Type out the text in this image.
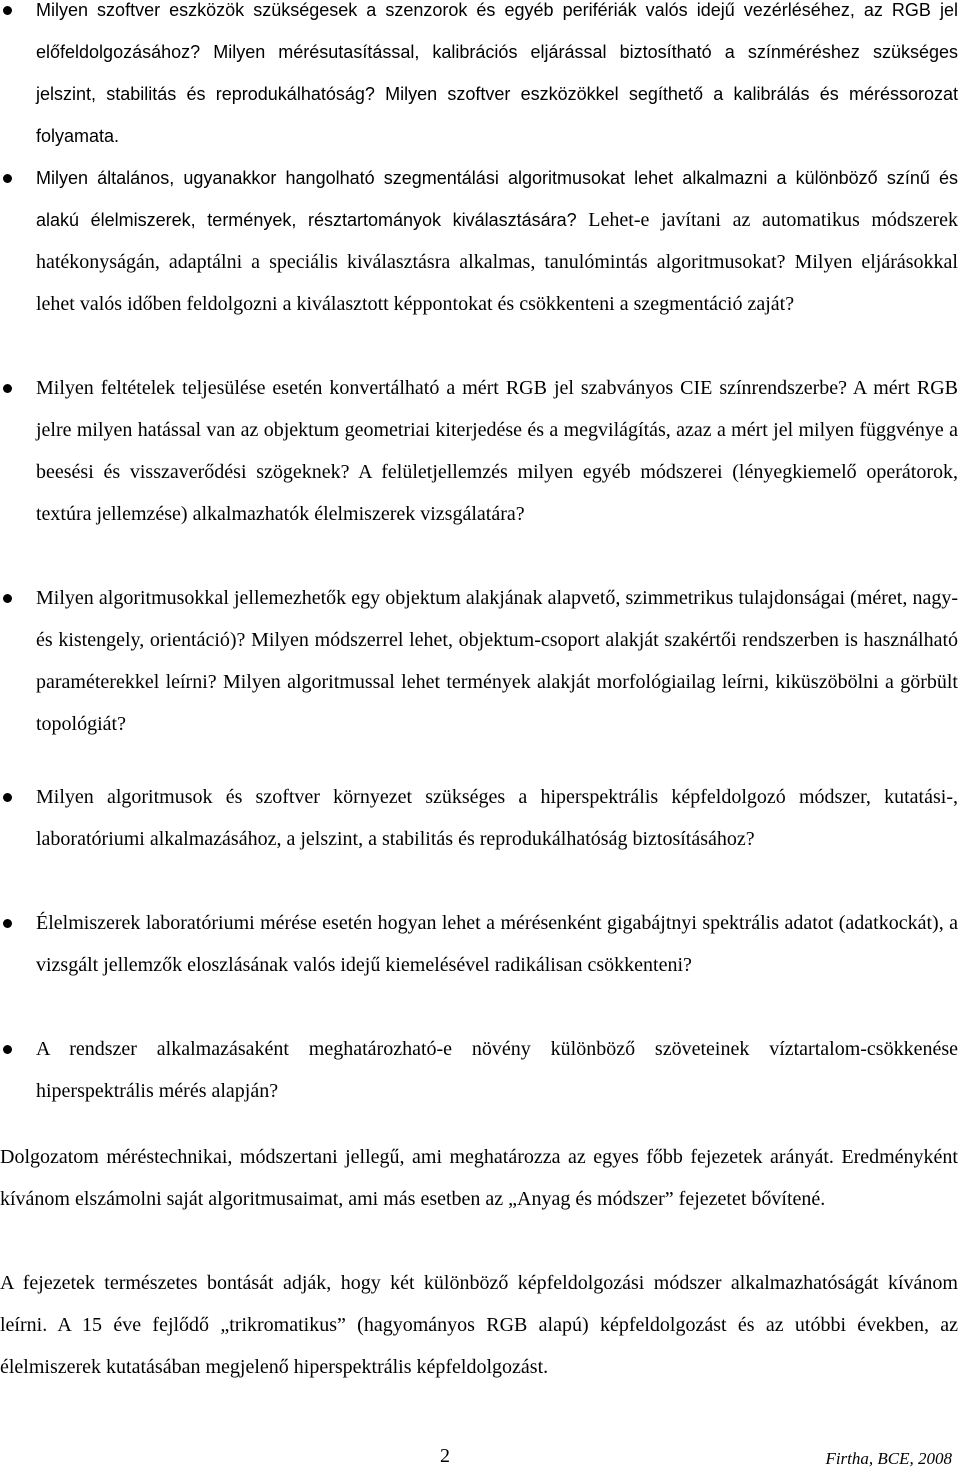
Milyen szoftver eszközök szükségesek a szenzorok és egyéb perifériák valós idejű vezérléséhez, az RGB jel előfeldolgozásához? Milyen mérésutasítással, kalibrációs eljárással biztosítható a színméréshez szükséges jelszint, stabilitás és reprodukálhatóság? Milyen szoftver eszközökkel segíthető a kalibrálás és méréssorozat folyamata.
Milyen általános, ugyanakkor hangolható szegmentálási algoritmusokat lehet alkalmazni a különböző színű és alakú élelmiszerek, termények, résztartományok kiválasztására? Lehet-e javítani az automatikus módszerek hatékonyságán, adaptálni a speciális kiválasztásra alkalmas, tanulómintás algoritmusokat? Milyen eljárásokkal lehet valós időben feldolgozni a kiválasztott képpontokat és csökkenteni a szegmentáció zaját?
Milyen feltételek teljesülése esetén konvertálható a mért RGB jel szabványos CIE színrendszerbe? A mért RGB jelre milyen hatással van az objektum geometriai kiterjedése és a megvilágítás, azaz a mért jel milyen függvénye a beesési és visszaverődési szögeknek? A felületjellemzés milyen egyéb módszerei (lényegkiemelő operátorok, textúra jellemzése) alkalmazhatók élelmiszerek vizsgálatára?
Milyen algoritmusokkal jellemezhetők egy objektum alakjának alapvető, szimmetrikus tulajdonságai (méret, nagy- és kistengely, orientáció)? Milyen módszerrel lehet, objektum-csoport alakját szakértői rendszerben is használható paraméterekkel leírni? Milyen algoritmussal lehet termények alakját morfológiailag leírni, kiküszöbölni a görbült topológiát?
Milyen algoritmusok és szoftver környezet szükséges a hiperspektrális képfeldolgozó módszer, kutatási-, laboratóriumi alkalmazásához, a jelszint, a stabilitás és reprodukálhatóság biztosításához?
Élelmiszerek laboratóriumi mérése esetén hogyan lehet a mérésenként gigabájtnyi spektrális adatot (adatkockát), a vizsgált jellemzők eloszlásának valós idejű kiemelésével radikálisan csökkenteni?
A rendszer alkalmazásaként meghatározható-e növény különböző szöveteinek víztartalom-csökkenése hiperspektrális mérés alapján?

Dolgozatom méréstechnikai, módszertani jellegű, ami meghatározza az egyes főbb fejezetek arányát. Eredményként kívánom elszámolni saját algoritmusaimat, ami más esetben az „Anyag és módszer” fejezetet bővítené.

A fejezetek természetes bontását adják, hogy két különböző képfeldolgozási módszer alkalmazhatóságát kívánom leírni. A 15 éve fejlődő „trikromatikus” (hagyományos RGB alapú) képfeldolgozást és az utóbbi években, az élelmiszerek kutatásában megjelenő hiperspektrális képfeldolgozást.

2	Firtha, BCE, 2008
